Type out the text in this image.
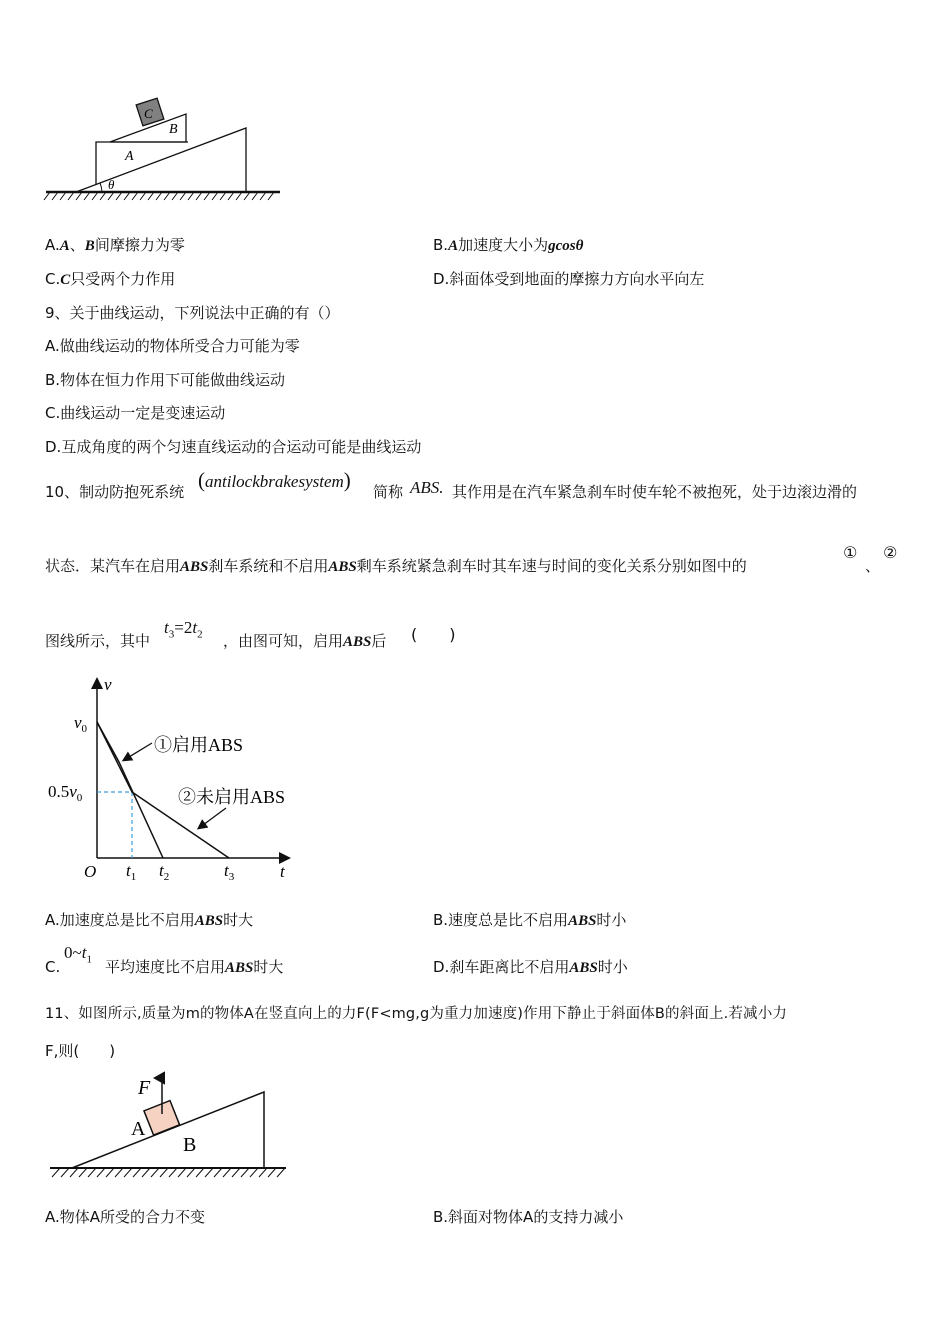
A
B
C
θ
A.A、B间摩擦力为零	B.A加速度大小为gcosθ
C.C只受两个力作用	D.斜面体受到地面的摩擦力方向水平向左
9、关于曲线运动，下列说法中正确的有（）
A.做曲线运动的物体所受合力可能为零
B.物体在恒力作用下可能做曲线运动
C.曲线运动一定是变速运动
D.互成角度的两个匀速直线运动的合运动可能是曲线运动
10、制动防抱死系统 (antilockbrakesystem) 简称 ABS. 其作用是在汽车紧急刹车时使车轮不被抱死，处于边滚边滑的
状态．某汽车在启用ABS刹车系统和不启用ABS剩车系统紧急刹车时其车速与时间的变化关系分别如图中的
①
、
②
图线所示，其中
$t_3=2t_2$ ，由图可知，启用ABS后 (　　)
v
t
$v_0$
$0.5v_0$
O $t_1$ $t_2$	$t_3$
①启用ABS
②未启用ABS
A.加速度总是比不启用ABS时大	B.速度总是比不启用ABS时小
C.
$0\sim t_1$ 平均速度比不启用ABS时大	D.刹车距离比不启用ABS时小
11、如图所示,质量为m的物体A在竖直向上的力F(F<mg,g为重力加速度)作用下静止于斜面体B的斜面上.若减小力
F,则(　　)
F
A
B
A.物体A所受的合力不变	B.斜面对物体A的支持力减小
